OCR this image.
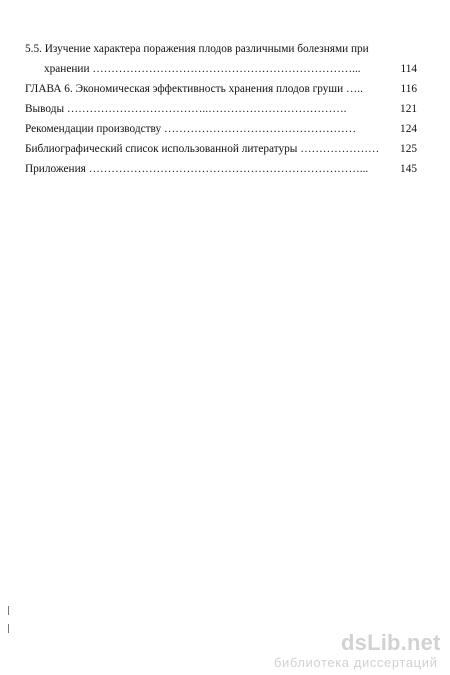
5.5. Изучение характера поражения плодов различными болезнями при
хранении ……………………………………………………………...	114
ГЛАВА 6. Экономическая эффективность хранения плодов груши …..	116
Выводы ………………………………..……………………………….	121
Рекомендации производству ……………………………………………	124
Библиографический список использованной литературы ………………… 125
Приложения ………………………………………………………………...	145
dsLib.net
библиотека диссертаций
